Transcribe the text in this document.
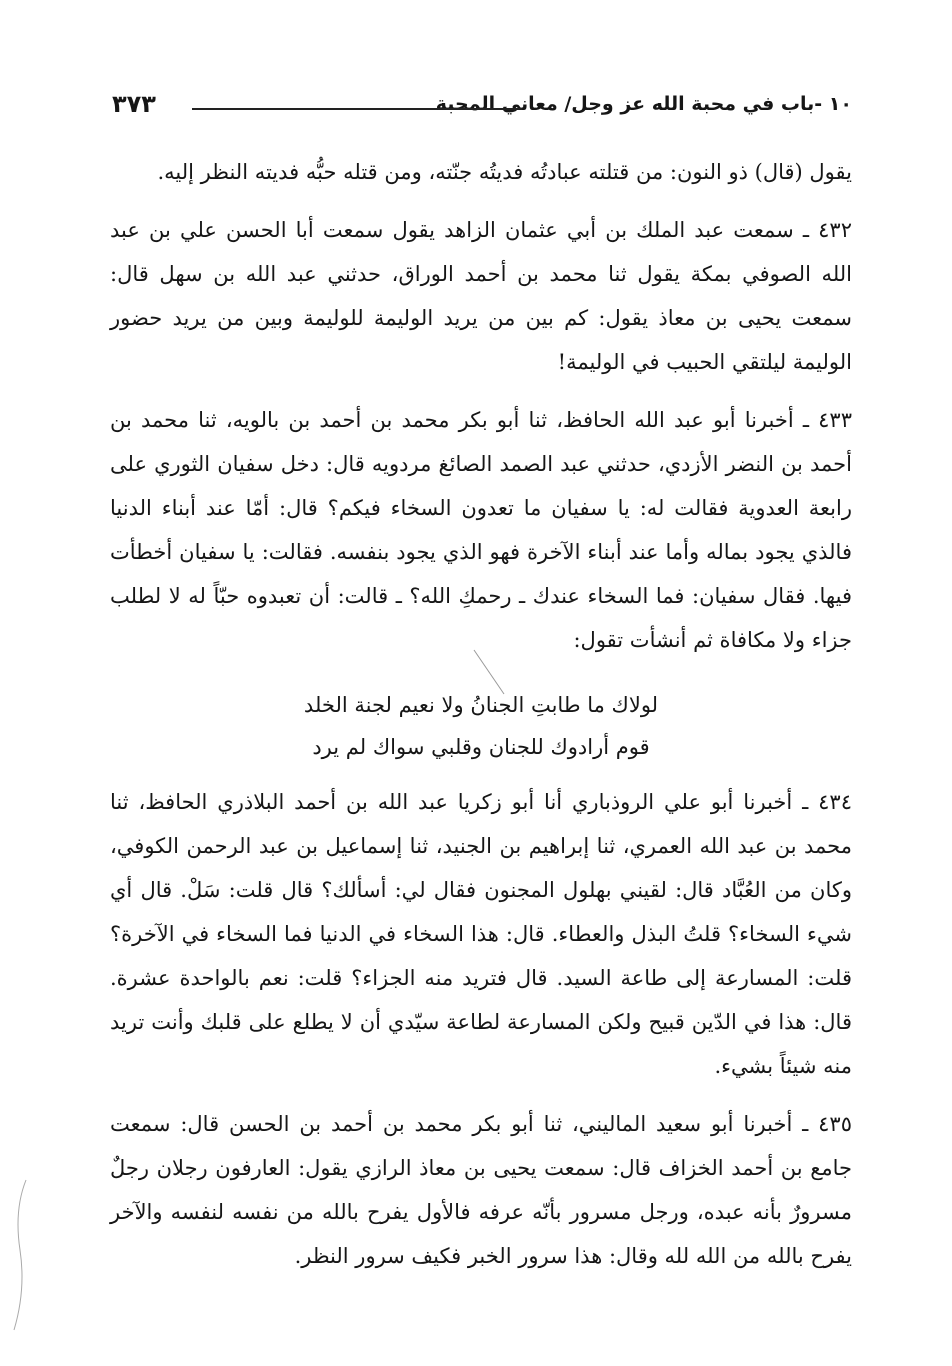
١٠ -باب في محبة الله عز وجل/ معاني المحبة
٣٧٣

يقول (قال) ذو النون: من قتلته عبادتُه فديتُه جنّته، ومن قتله حبُّه فديته النظر إليه.

٤٣٢ ـ سمعت عبد الملك بن أبي عثمان الزاهد يقول سمعت أبا الحسن علي بن عبد الله الصوفي بمكة يقول ثنا محمد بن أحمد الوراق، حدثني عبد الله بن سهل قال: سمعت يحيى بن معاذ يقول: كم بين من يريد الوليمة للوليمة وبين من يريد حضور الوليمة ليلتقي الحبيب في الوليمة!

٤٣٣ ـ أخبرنا أبو عبد الله الحافظ، ثنا أبو بكر محمد بن أحمد بن بالويه، ثنا محمد بن أحمد بن النضر الأزدي، حدثني عبد الصمد الصائغ مردويه قال: دخل سفيان الثوري على رابعة العدوية فقالت له: يا سفيان ما تعدون السخاء فيكم؟ قال: أمّا عند أبناء الدنيا فالذي يجود بماله وأما عند أبناء الآخرة فهو الذي يجود بنفسه. فقالت: يا سفيان أخطأت فيها. فقال سفيان: فما السخاء عندك ـ رحمكِ الله؟ ـ قالت: أن تعبدوه حبّاً له لا لطلب جزاء ولا مكافاة ثم أنشأت تقول:

لولاك ما طابتِ الجنانُ ولا نعيم لجنة الخلد
قوم أرادوك للجنان وقلبي سواك لم يرد

٤٣٤ ـ أخبرنا أبو علي الروذباري أنا أبو زكريا عبد الله بن أحمد البلاذري الحافظ، ثنا محمد بن عبد الله العمري، ثنا إبراهيم بن الجنيد، ثنا إسماعيل بن عبد الرحمن الكوفي، وكان من العُبَّاد قال: لقيني بهلول المجنون فقال لي: أسألك؟ قال قلت: سَلْ. قال أي شيء السخاء؟ قلتُ البذل والعطاء. قال: هذا السخاء في الدنيا فما السخاء في الآخرة؟ قلت: المسارعة إلى طاعة السيد. قال فتريد منه الجزاء؟ قلت: نعم بالواحدة عشرة. قال: هذا في الدّين قبيح ولكن المسارعة لطاعة سيّدي أن لا يطلع على قلبك وأنت تريد منه شيئاً بشيء.

٤٣٥ ـ أخبرنا أبو سعيد الماليني، ثنا أبو بكر محمد بن أحمد بن الحسن قال: سمعت جامع بن أحمد الخزاف قال: سمعت يحيى بن معاذ الرازي يقول: العارفون رجلان رجلٌ مسرورٌ بأنه عبده، ورجل مسرور بأنّه عرفه فالأول يفرح بالله من نفسه لنفسه والآخر يفرح بالله من الله لله وقال: هذا سرور الخبر فكيف سرور النظر.
